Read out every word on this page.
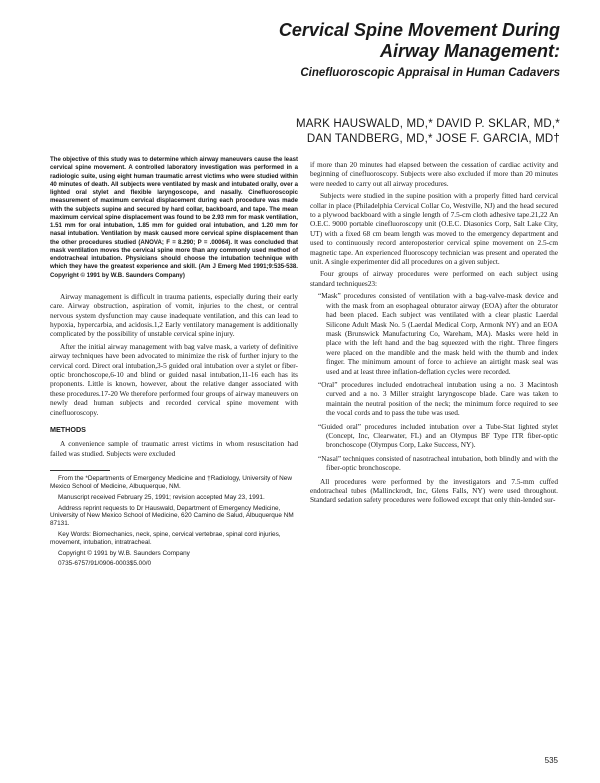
Cervical Spine Movement During
Airway Management:

Cinefluoroscopic Appraisal in Human Cadavers

MARK HAUSWALD, MD,* DAVID P. SKLAR, MD,*
DAN TANDBERG, MD,* JOSE F. GARCIA, MD†

The objective of this study was to determine which airway maneuvers cause the least cervical spine movement. A controlled laboratory investigation was performed in a radiologic suite, using eight human traumatic arrest victims who were studied within 40 minutes of death. All subjects were ventilated by mask and intubated orally, over a lighted oral stylet and flexible laryngoscope, and nasally. Cinefluoroscopic measurement of maximum cervical displacement during each procedure was made with the subjects supine and secured by hard collar, backboard, and tape. The mean maximum cervical spine displacement was found to be 2.93 mm for mask ventilation, 1.51 mm for oral intubation, 1.85 mm for guided oral intubation, and 1.20 mm for nasal intubation. Ventilation by mask caused more cervical spine displacement than the other procedures studied (ANOVA; F = 8.290; P = .00064). It was concluded that mask ventilation moves the cervical spine more than any commonly used method of endotracheal intubation. Physicians should choose the intubation technique with which they have the greatest experience and skill. (Am J Emerg Med 1991;9:535-538. Copyright © 1991 by W.B. Saunders Company)

Airway management is difficult in trauma patients, especially during their early care. Airway obstruction, aspiration of vomit, injuries to the chest, or central nervous system dysfunction may cause inadequate ventilation, and this can lead to hypoxia, hypercarbia, and acidosis.1,2 Early ventilatory management is additionally complicated by the possibility of unstable cervical spine injury.

After the initial airway management with bag valve mask, a variety of definitive airway techniques have been advocated to minimize the risk of further injury to the cervical cord. Direct oral intubation,3-5 guided oral intubation over a stylet or fiber-optic bronchoscope,6-10 and blind or guided nasal intubation,11-16 each has its proponents. Little is known, however, about the relative danger associated with these procedures.17-20 We therefore performed four groups of airway maneuvers on newly dead human subjects and recorded cervical spine movement with cinefluoroscopy.

METHODS

A convenience sample of traumatic arrest victims in whom resuscitation had failed was studied. Subjects were excluded

From the *Departments of Emergency Medicine and †Radiology, University of New Mexico School of Medicine, Albuquerque, NM.

Manuscript received February 25, 1991; revision accepted May 23, 1991.

Address reprint requests to Dr Hauswald, Department of Emergency Medicine, University of New Mexico School of Medicine, 620 Camino de Salud, Albuquerque NM 87131.

Key Words: Biomechanics, neck, spine, cervical vertebrae, spinal cord injuries, movement, intubation, intratracheal.

Copyright © 1991 by W.B. Saunders Company

0735-6757/91/0906-0003$5.00/0

if more than 20 minutes had elapsed between the cessation of cardiac activity and beginning of cinefluoroscopy. Subjects were also excluded if more than 20 minutes were needed to carry out all airway procedures.

Subjects were studied in the supine position with a properly fitted hard cervical collar in place (Philadelphia Cervical Collar Co, Westville, NJ) and the head secured to a plywood backboard with a single length of 7.5-cm cloth adhesive tape.21,22 An O.E.C. 9000 portable cinefluoroscopy unit (O.E.C. Diasonics Corp, Salt Lake City, UT) with a fixed 68 cm beam length was moved to the emergency department and used to continuously record anteroposterior cervical spine movement on 2.5-cm magnetic tape. An experienced fluoroscopy technician was present and operated the unit. A single experimenter did all procedures on a given subject.

Four groups of airway procedures were performed on each subject using standard techniques23:

“Mask” procedures consisted of ventilation with a bag-valve-mask device and with the mask from an esophageal obturator airway (EOA) after the obturator had been placed. Each subject was ventilated with a clear plastic Laerdal Silicone Adult Mask No. 5 (Laerdal Medical Corp, Armonk NY) and an EOA mask (Brunswick Manufacturing Co, Wareham, MA). Masks were held in place with the left hand and the bag squeezed with the right. Three fingers were placed on the mandible and the mask held with the thumb and index finger. The minimum amount of force to achieve an airtight mask seal was used and at least three inflation-deflation cycles were recorded.
“Oral” procedures included endotracheal intubation using a no. 3 Macintosh curved and a no. 3 Miller straight laryngoscope blade. Care was taken to maintain the neutral position of the neck; the minimum force required to see the vocal cords and to pass the tube was used.
“Guided oral” procedures included intubation over a Tube-Stat lighted stylet (Concept, Inc, Clearwater, FL) and an Olympus BF Type ITR fiber-optic bronchoscope (Olympus Corp, Lake Success, NY).
“Nasal” techniques consisted of nasotracheal intubation, both blindly and with the fiber-optic bronchoscope.

All procedures were performed by the investigators and 7.5-mm cuffed endotracheal tubes (Mallinckrodt, Inc, Glens Falls, NY) were used throughout. Standard sedation safety procedures were followed except that only thin-lended sur-

535
